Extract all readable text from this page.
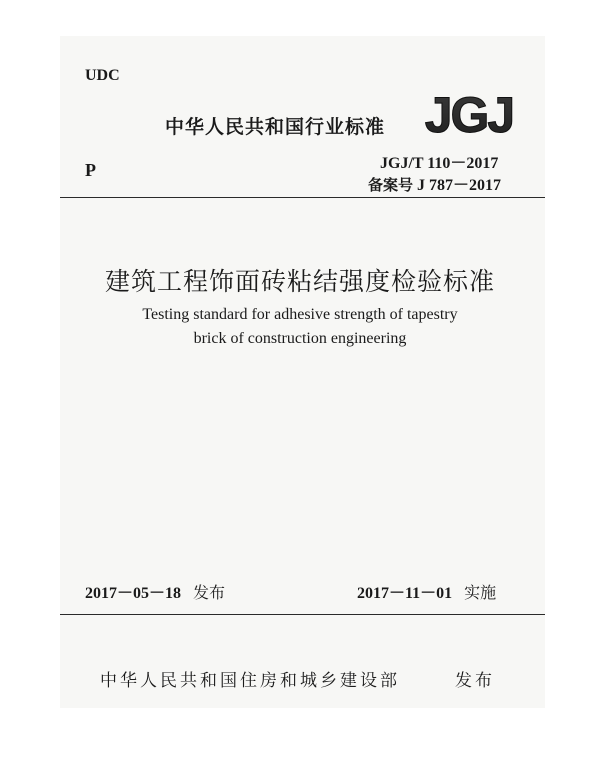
UDC
中华人民共和国行业标准 JGJ
P	JGJ/T 110－2017
备案号 J 787－2017
建筑工程饰面砖粘结强度检验标准
Testing standard for adhesive strength of tapestry
brick of construction engineering
2017－05－18 发布	2017－11－01 实施
中华人民共和国住房和城乡建设部	发布
